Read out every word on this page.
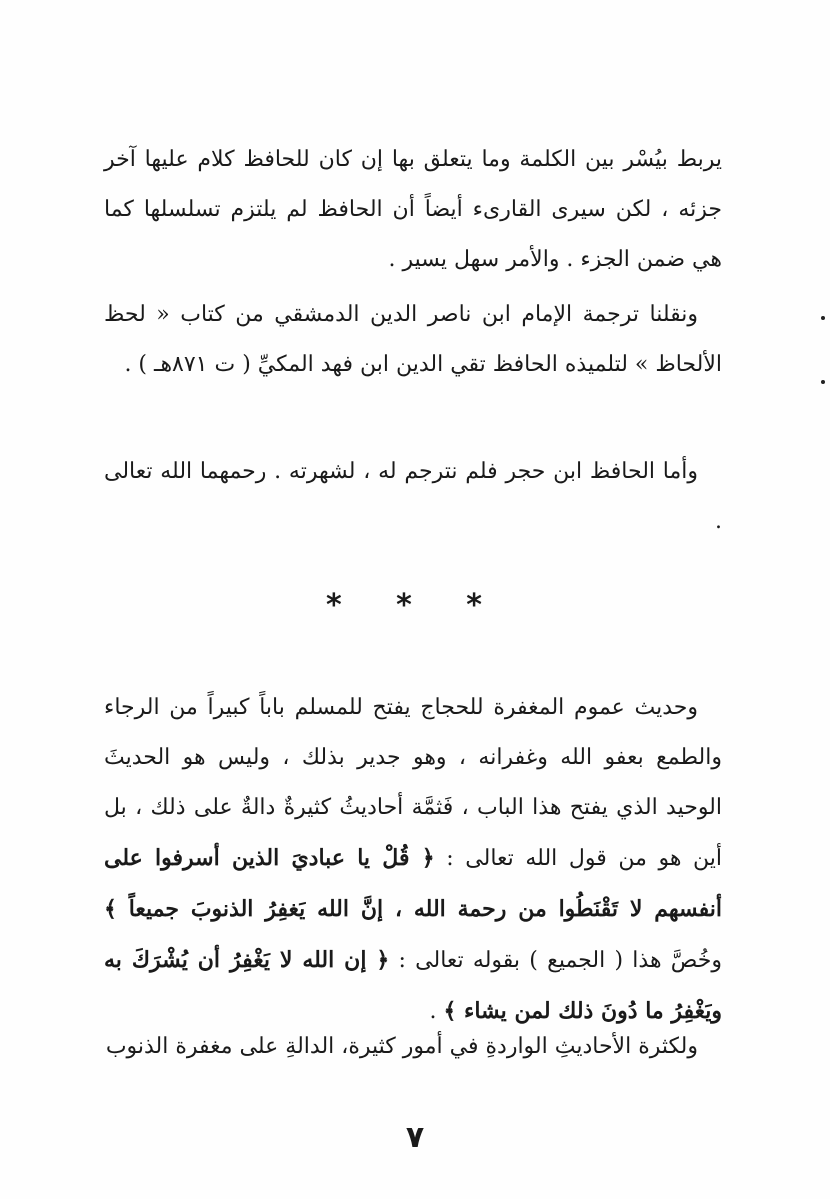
يربط بيُسْر بين الكلمة وما يتعلق بها إن كان للحافظ كلام عليها آخر جزئه ، لكن سيرى القارىء أيضاً أن الحافظ لم يلتزم تسلسلها كما هي ضمن الجزء . والأمر سهل يسير .

ونقلنا ترجمة الإمام ابن ناصر الدين الدمشقي من كتاب « لحظ الألحاظ » لتلميذه الحافظ تقي الدين ابن فهد المكيِّ ( ت ٨٧١هـ ) .

وأما الحافظ ابن حجر فلم نترجم له ، لشهرته . رحمهما الله تعالى .

* * *

وحديث عموم المغفرة للحجاج يفتح للمسلم باباً كبيراً من الرجاء والطمع بعفو الله وغفرانه ، وهو جدير بذلك ، وليس هو الحديثَ الوحيد الذي يفتح هذا الباب ، فَثمَّة أحاديثُ كثيرةٌ دالةٌ على ذلك ، بل أين هو من قول الله تعالى : ﴿ قُلْ يا عباديَ الذين أسرفوا على أنفسهم لا تَقْنَطُوا من رحمة الله ، إنَّ الله يَغفِرُ الذنوبَ جميعاً ﴾ وخُصَّ هذا ( الجميع ) بقوله تعالى : ﴿ إن الله لا يَغْفِرُ أن يُشْرَكَ به ويَغْفِرُ ما دُونَ ذلك لمن يشاء ﴾ .

ولكثرة الأحاديثِ الواردةِ في أمور كثيرة، الدالةِ على مغفرة الذنوب

٧
